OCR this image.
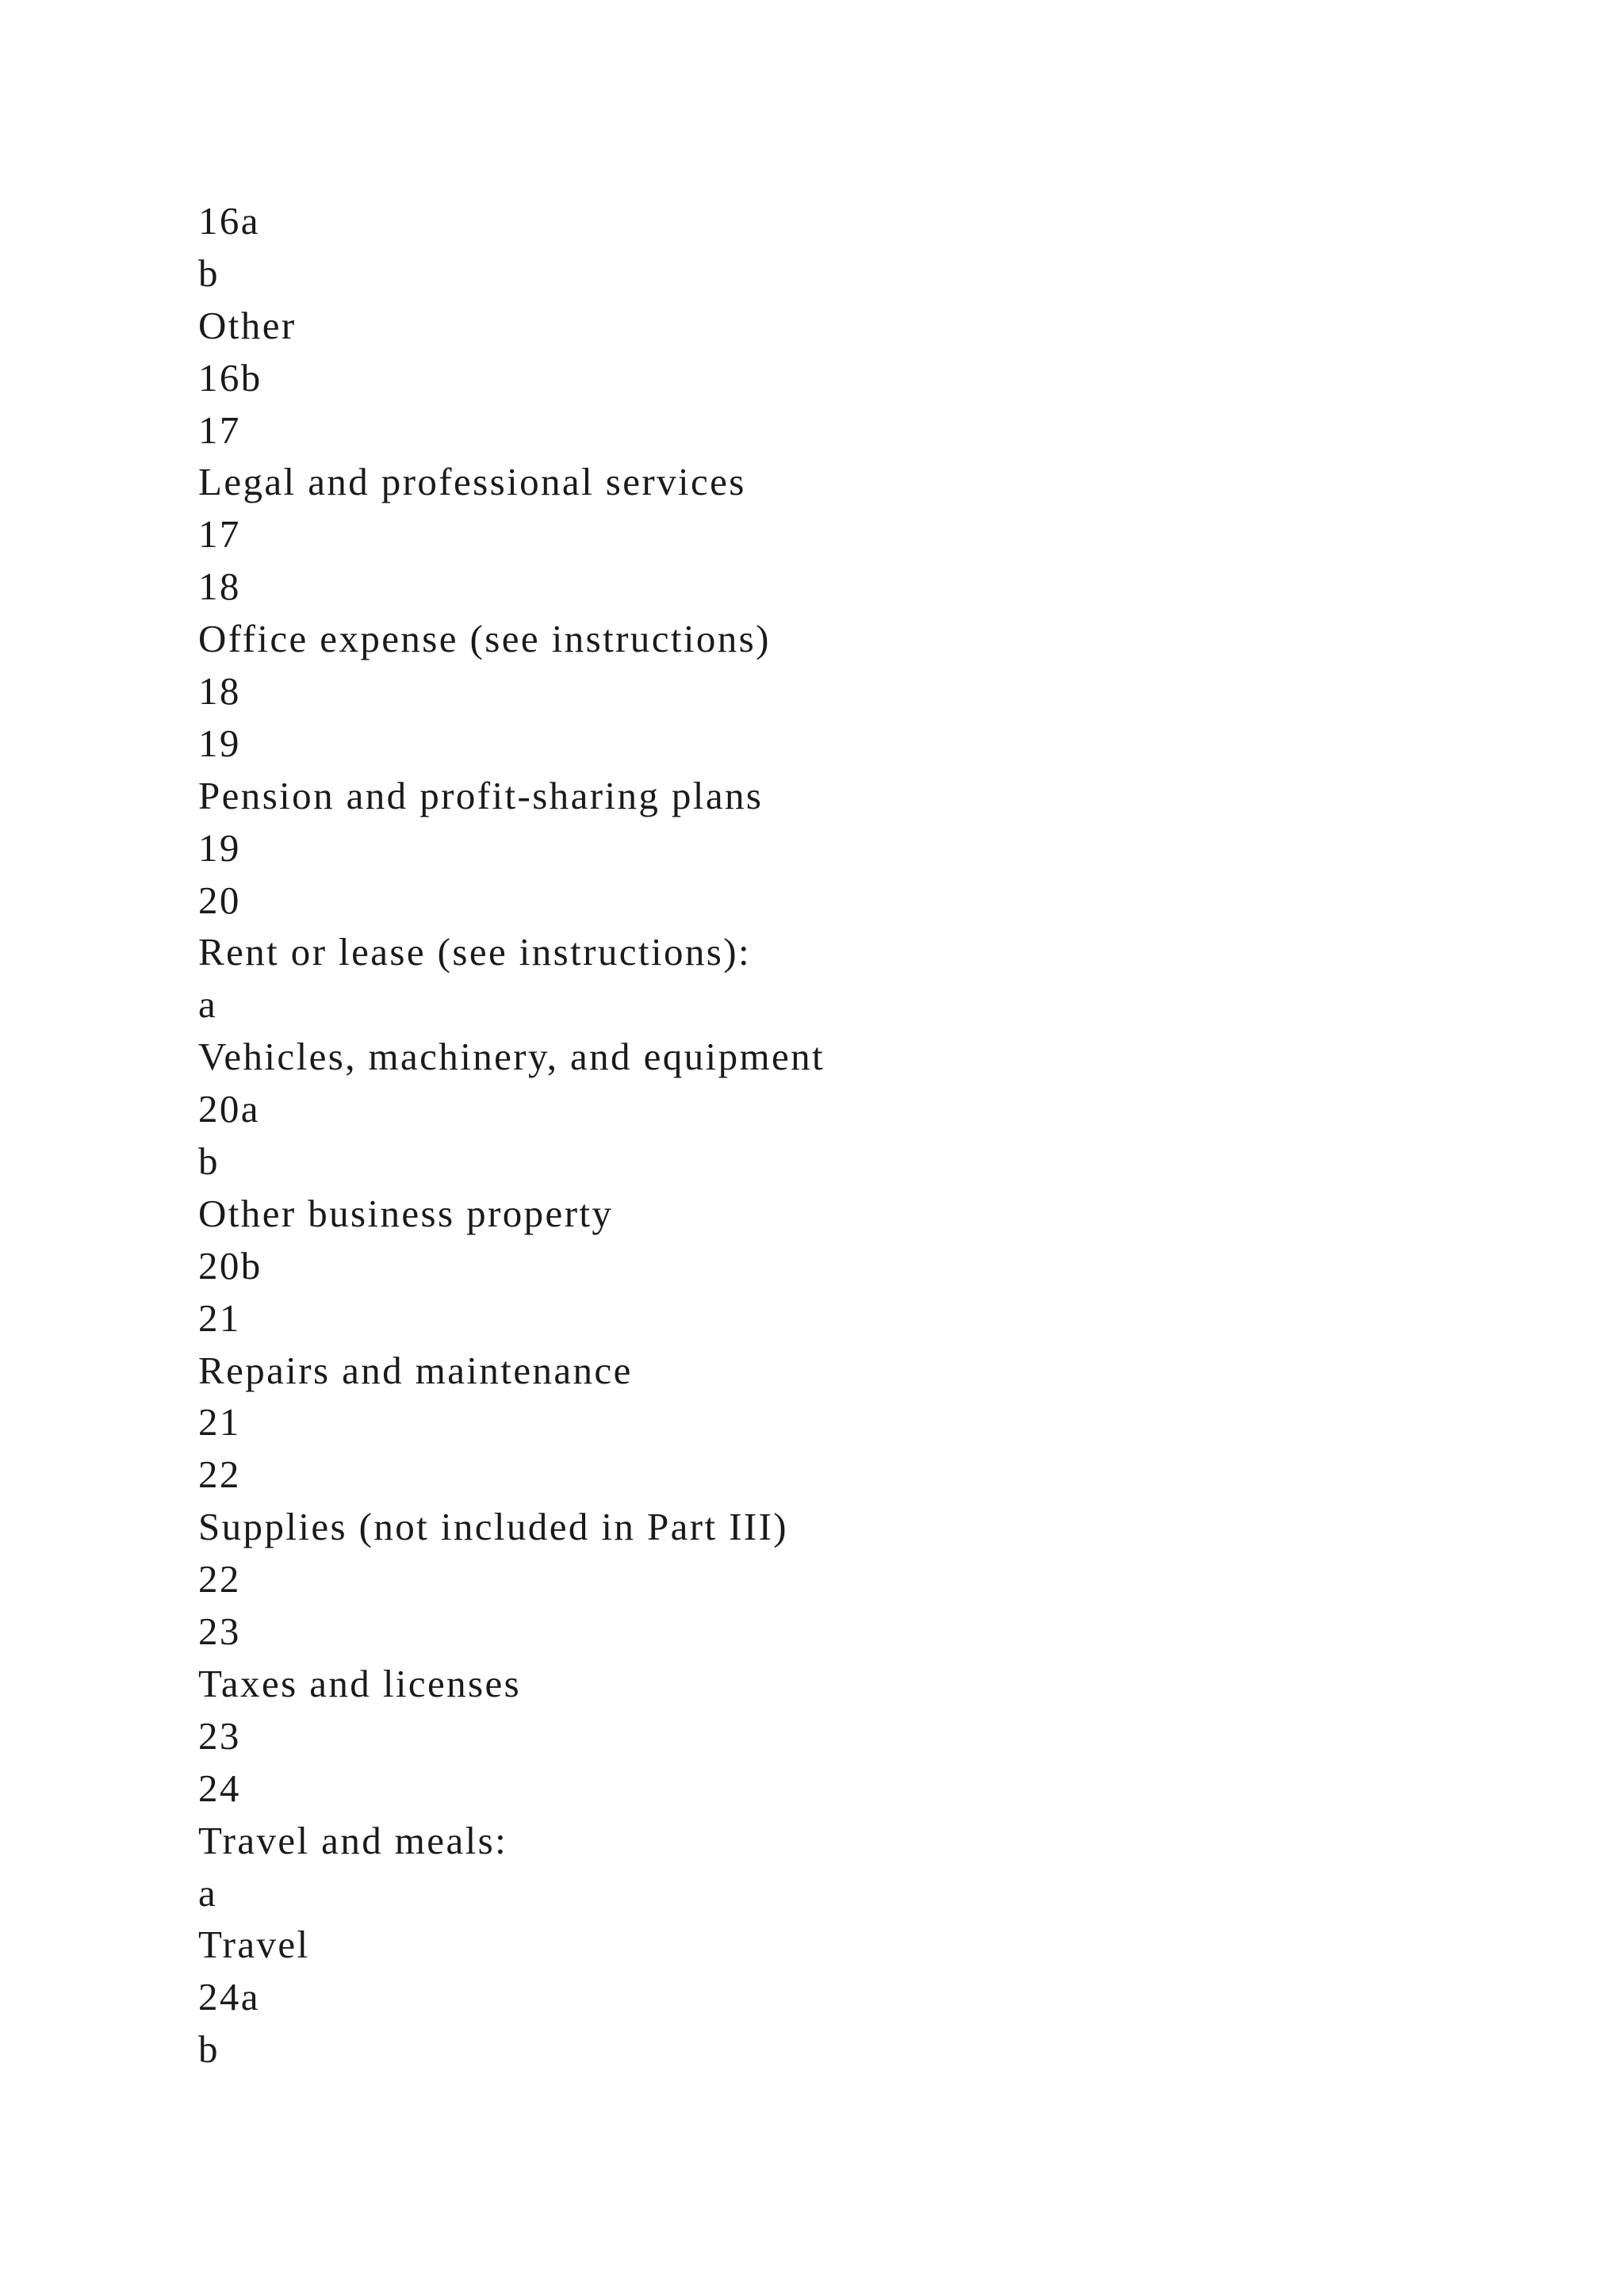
16a
b
Other
16b
17
Legal and professional services
17
18
Office expense (see instructions)
18
19
Pension and profit-sharing plans
19
20
Rent or lease (see instructions):
a
Vehicles, machinery, and equipment
20a
b
Other business property
20b
21
Repairs and maintenance
21
22
Supplies (not included in Part III)
22
23
Taxes and licenses
23
24
Travel and meals:
a
Travel
24a
b
